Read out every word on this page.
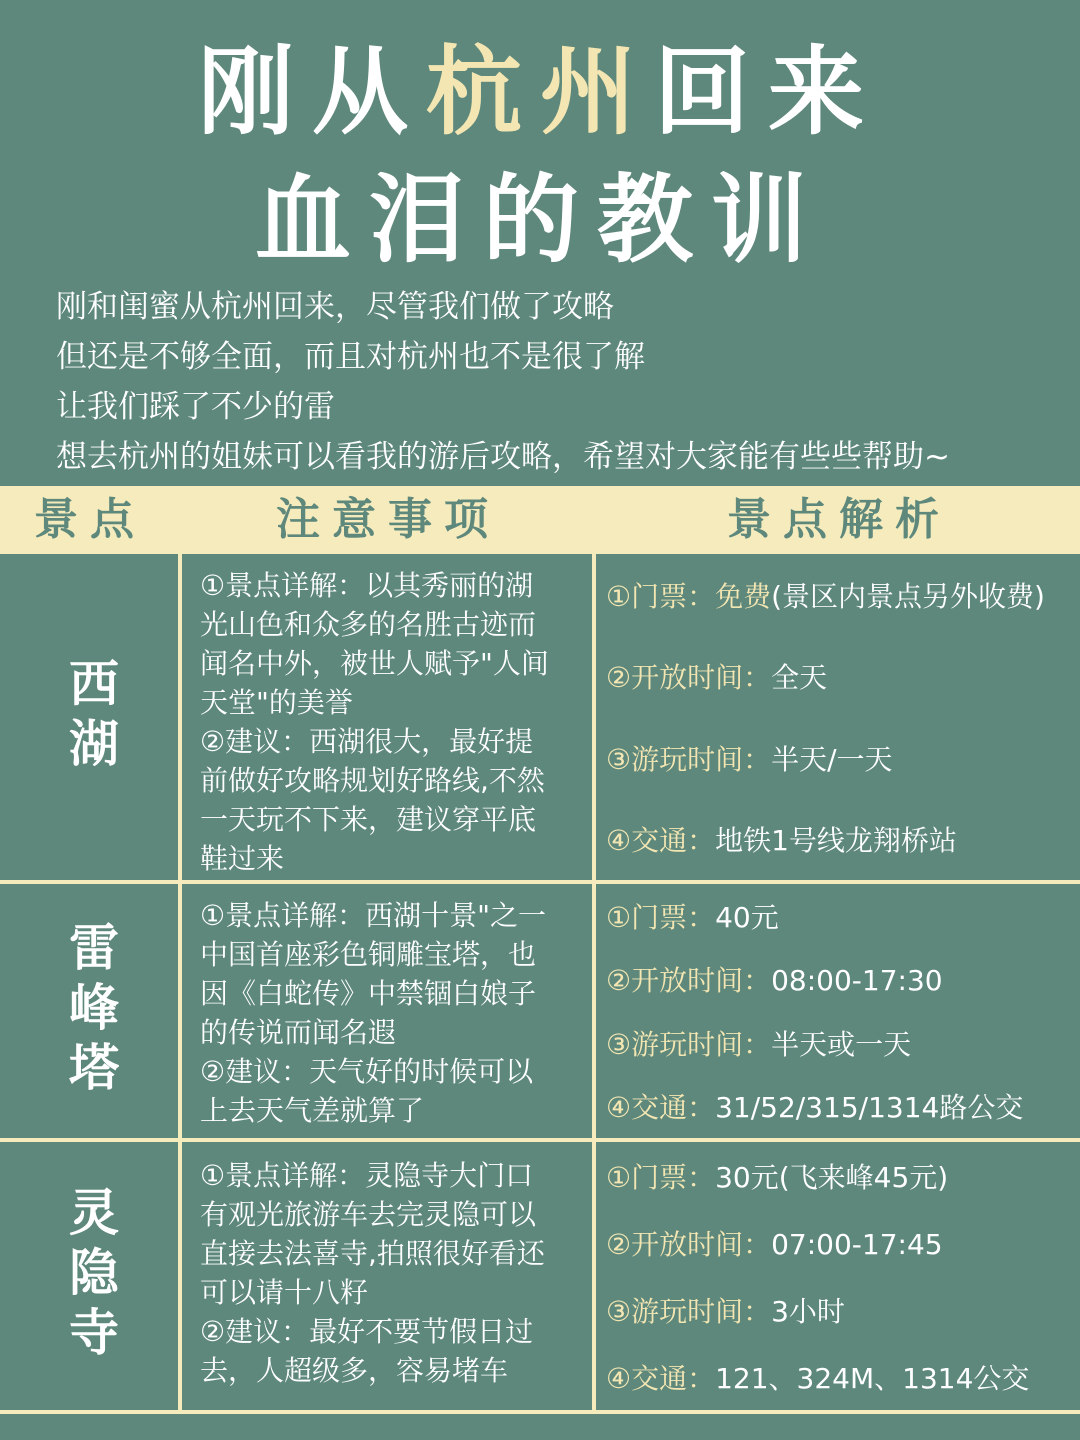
刚从杭州回来
血泪的教训
刚和闺蜜从杭州回来，尽管我们做了攻略
但还是不够全面，而且对杭州也不是很了解
让我们踩了不少的雷
想去杭州的姐妹可以看我的游后攻略，希望对大家能有些些帮助~
景点	注意事项	景点解析
西湖
①景点详解：以其秀丽的湖
光山色和众多的名胜古迹而
闻名中外，被世人赋予"人间
天堂"的美誉
②建议：西湖很大，最好提
前做好攻略规划好路线,不然
一天玩不下来，建议穿平底
鞋过来
①门票：免费(景区内景点另外收费)
②开放时间：全天
③游玩时间：半天/一天
④交通：地铁1号线龙翔桥站
雷峰塔
①景点详解：西湖十景"之一
中国首座彩色铜雕宝塔，也
因《白蛇传》中禁锢白娘子
的传说而闻名遐
②建议：天气好的时候可以
上去天气差就算了
①门票：40元
②开放时间：08:00-17:30
③游玩时间：半天或一天
④交通：31/52/315/1314路公交
灵隐寺
①景点详解：灵隐寺大门口
有观光旅游车去完灵隐可以
直接去法喜寺,拍照很好看还
可以请十八籽
②建议：最好不要节假日过
去，人超级多，容易堵车
①门票：30元(飞来峰45元)
②开放时间：07:00-17:45
③游玩时间：3小时
④交通：121、324M、1314公交
